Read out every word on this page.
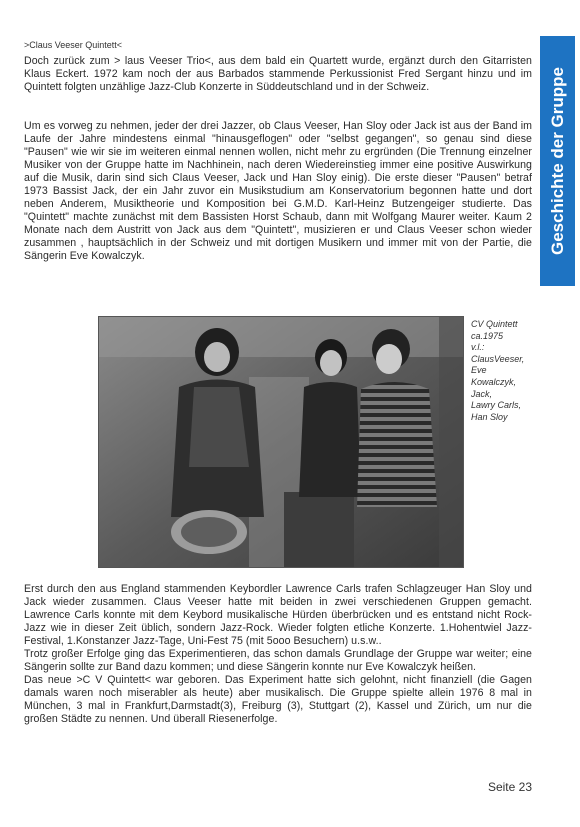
>Claus Veeser Quintett<

Doch zurück zum > laus Veeser Trio<, aus dem bald ein Quartett wurde, ergänzt durch den Gitarristen Klaus Eckert. 1972 kam noch der aus Barbados stammende Perkussionist Fred Sergant hinzu und im Quintett folgten unzählige Jazz-Club Konzerte in Süddeutschland und in der Schweiz.

Um es vorweg zu nehmen, jeder der drei Jazzer, ob Claus Veeser, Han Sloy oder Jack ist aus der Band im Laufe der Jahre mindestens einmal "hinausgeflogen" oder "selbst gegangen", so genau sind diese "Pausen" wie wir sie im weiteren einmal nennen wollen, nicht mehr zu ergründen (Die Trennung einzelner Musiker von der Gruppe hatte im Nachhinein, nach deren Wiedereinstieg immer eine positive Auswirkung auf die Musik, darin sind sich Claus Veeser, Jack und Han Sloy einig). Die erste dieser "Pausen" betraf 1973 Bassist Jack, der ein Jahr zuvor ein Musikstudium am Konservatorium begonnen hatte und dort neben Anderem, Musiktheorie und Komposition bei G.M.D. Karl-Heinz Butzengeiger studierte. Das "Quintett" machte zunächst mit dem Bassisten Horst Schaub, dann mit Wolfgang Maurer weiter. Kaum 2 Monate nach dem Austritt von Jack aus dem "Quintett", musizieren er und Claus Veeser schon wieder zusammen , hauptsächlich in der Schweiz und mit dortigen Musikern und immer mit von der Partie, die Sängerin Eve Kowalczyk.

Geschichte der Gruppe
CV Quintett
ca.1975
v.l.:
ClausVeeser,
Eve
Kowalczyk,
Jack,
Lawry Carls,
Han Sloy

Erst durch den aus England stammenden Keybordler Lawrence Carls trafen Schlagzeuger Han Sloy und Jack wieder zusammen. Claus Veeser hatte mit beiden in zwei verschiedenen Gruppen gemacht. Lawrence Carls konnte mit dem Keybord musikalische Hürden überbrücken und es entstand nicht Rock-Jazz wie in dieser Zeit üblich, sondern Jazz-Rock. Wieder folgten etliche Konzerte. 1.Hohentwiel Jazz-Festival, 1.Konstanzer Jazz-Tage, Uni-Fest 75 (mit 5ooo Besuchern) u.s.w..

Trotz großer Erfolge ging das Experimentieren, das schon damals Grundlage der Gruppe war weiter; eine Sängerin sollte zur Band dazu kommen; und diese Sängerin konnte nur Eve Kowalczyk heißen.

Das neue >C V Quintett< war geboren. Das Experiment hatte sich gelohnt, nicht finanziell (die Gagen damals waren noch miserabler als heute) aber musikalisch. Die Gruppe spielte allein 1976 8 mal in München, 3 mal in Frankfurt,Darmstadt(3), Freiburg (3), Stuttgart (2), Kassel und Zürich, um nur die großen Städte zu nennen. Und überall Riesenerfolge.

Seite 23
